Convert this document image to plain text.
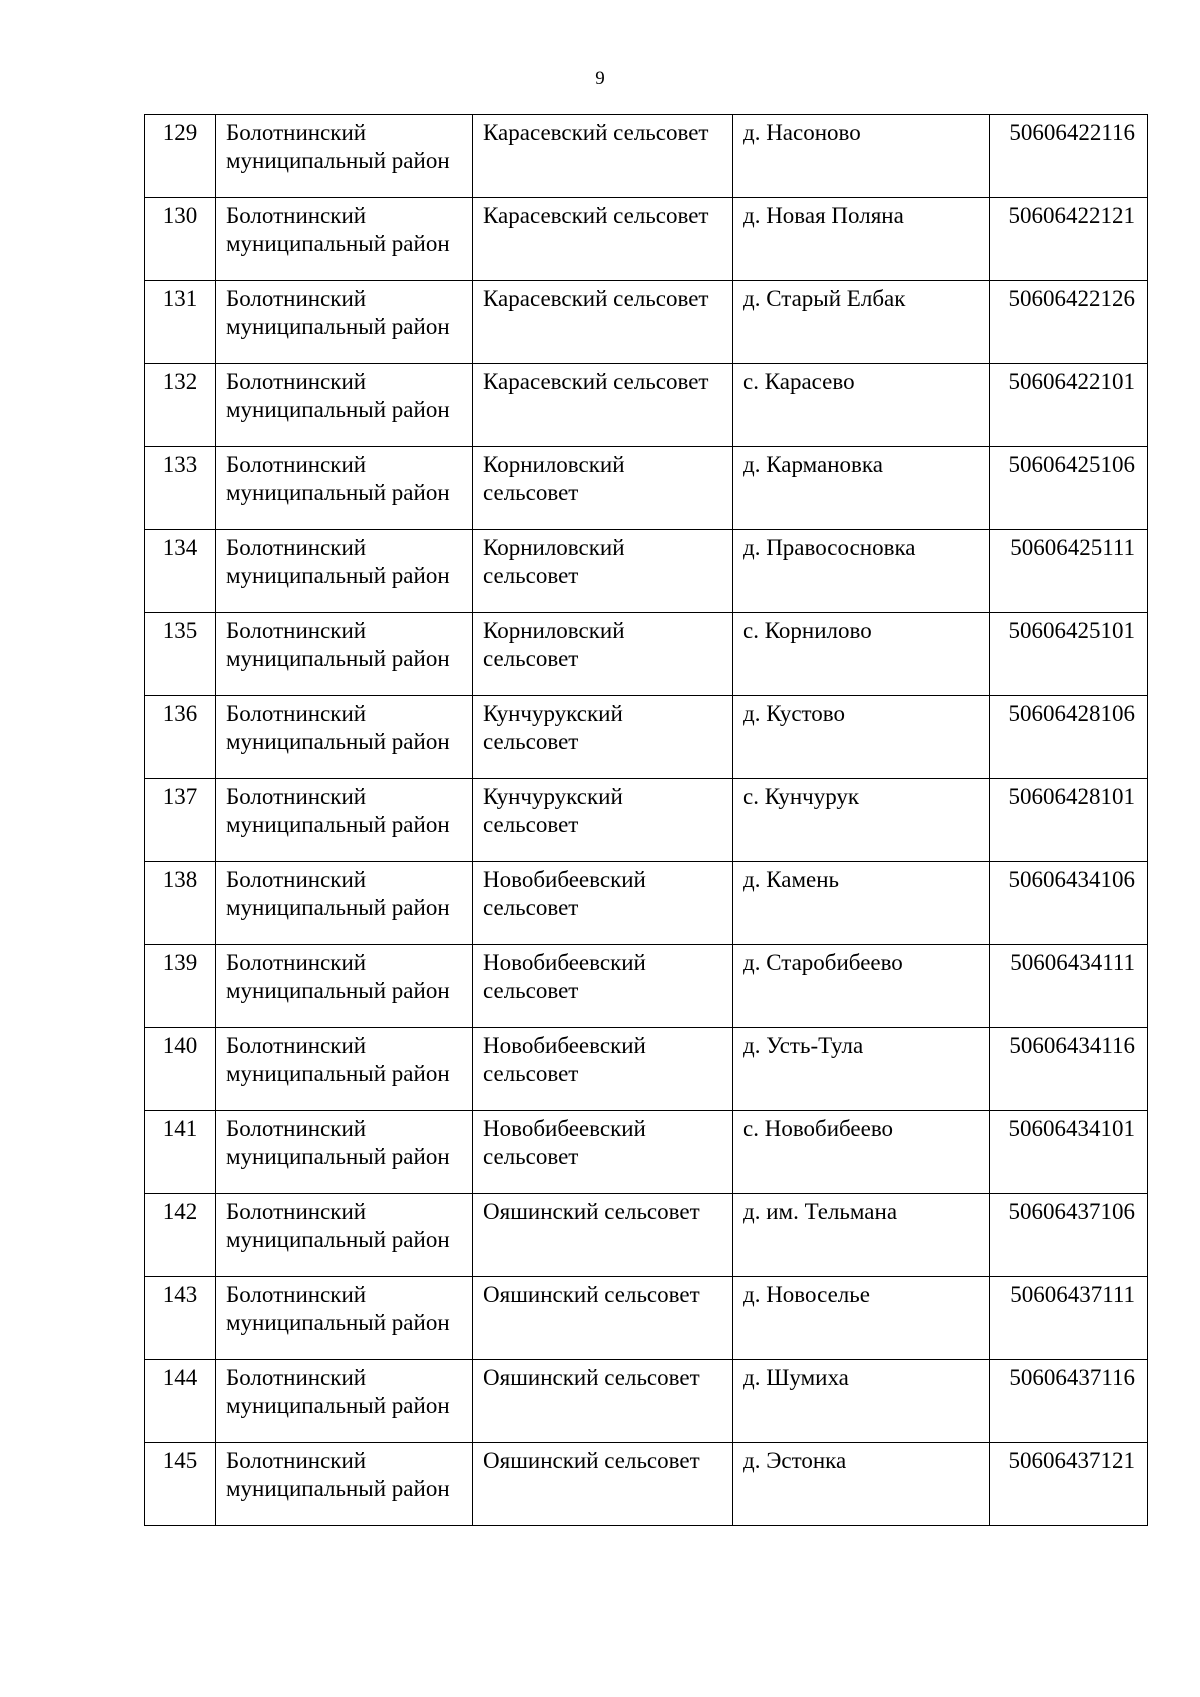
9
129	Болотнинский муниципальный район	Карасевский сельсовет	д. Насоново	50606422116
130	Болотнинский муниципальный район	Карасевский сельсовет	д. Новая Поляна	50606422121
131	Болотнинский муниципальный район	Карасевский сельсовет	д. Старый Елбак	50606422126
132	Болотнинский муниципальный район	Карасевский сельсовет	с. Карасево	50606422101
133	Болотнинский муниципальный район	Корниловский сельсовет	д. Кармановка	50606425106
134	Болотнинский муниципальный район	Корниловский сельсовет	д. Правососновка	50606425111
135	Болотнинский муниципальный район	Корниловский сельсовет	с. Корнилово	50606425101
136	Болотнинский муниципальный район	Кунчурукский сельсовет	д. Кустово	50606428106
137	Болотнинский муниципальный район	Кунчурукский сельсовет	с. Кунчурук	50606428101
138	Болотнинский муниципальный район	Новобибеевский сельсовет	д. Камень	50606434106
139	Болотнинский муниципальный район	Новобибеевский сельсовет	д. Старобибеево	50606434111
140	Болотнинский муниципальный район	Новобибеевский сельсовет	д. Усть-Тула	50606434116
141	Болотнинский муниципальный район	Новобибеевский сельсовет	с. Новобибеево	50606434101
142	Болотнинский муниципальный район	Ояшинский сельсовет	д. им. Тельмана	50606437106
143	Болотнинский муниципальный район	Ояшинский сельсовет	д. Новоселье	50606437111
144	Болотнинский муниципальный район	Ояшинский сельсовет	д. Шумиха	50606437116
145	Болотнинский муниципальный район	Ояшинский сельсовет	д. Эстонка	50606437121
